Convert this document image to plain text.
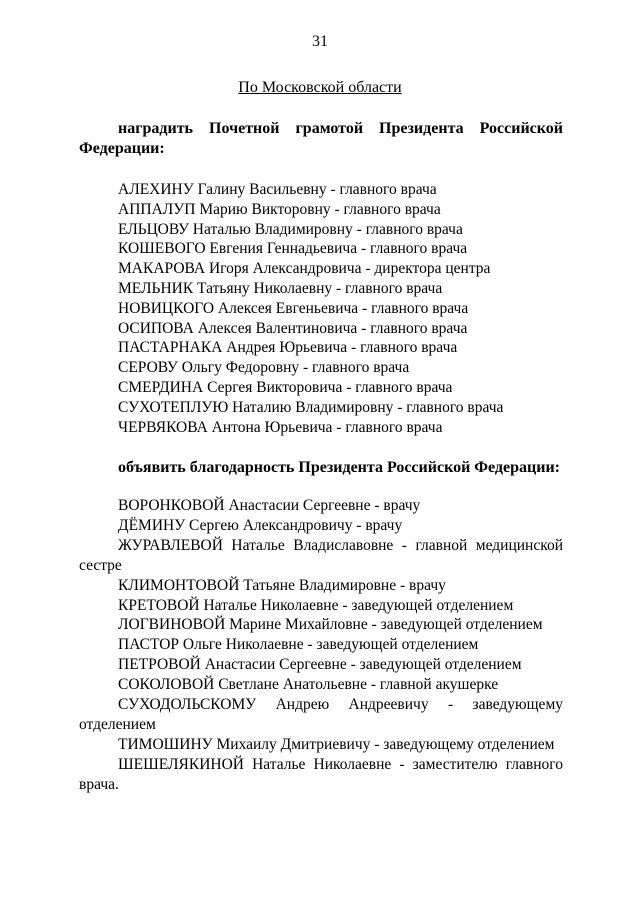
31
По Московской области
наградить Почетной грамотой Президента Российской Федерации:
АЛЕХИНУ Галину Васильевну - главного врача
АППАЛУП Марию Викторовну - главного врача
ЕЛЬЦОВУ Наталью Владимировну - главного врача
КОШЕВОГО Евгения Геннадьевича - главного врача
МАКАРОВА Игоря Александровича - директора центра
МЕЛЬНИК Татьяну Николаевну - главного врача
НОВИЦКОГО Алексея Евгеньевича - главного врача
ОСИПОВА Алексея Валентиновича - главного врача
ПАСТАРНАКА Андрея Юрьевича - главного врача
СЕРОВУ Ольгу Федоровну - главного врача
СМЕРДИНА Сергея Викторовича - главного врача
СУХОТЕПЛУЮ Наталию Владимировну - главного врача
ЧЕРВЯКОВА Антона Юрьевича - главного врача
объявить благодарность Президента Российской Федерации:
ВОРОНКОВОЙ Анастасии Сергеевне - врачу
ДЁМИНУ Сергею Александровичу - врачу
ЖУРАВЛЕВОЙ Наталье Владиславовне - главной медицинской сестре
КЛИМОНТОВОЙ Татьяне Владимировне - врачу
КРЕТОВОЙ Наталье Николаевне - заведующей отделением
ЛОГВИНОВОЙ Марине Михайловне - заведующей отделением
ПАСТОР Ольге Николаевне - заведующей отделением
ПЕТРОВОЙ Анастасии Сергеевне - заведующей отделением
СОКОЛОВОЙ Светлане Анатольевне - главной акушерке
СУХОДОЛЬСКОМУ Андрею Андреевичу - заведующему отделением
ТИМОШИНУ Михаилу Дмитриевичу - заведующему отделением
ШЕШЕЛЯКИНОЙ Наталье Николаевне - заместителю главного врача.
